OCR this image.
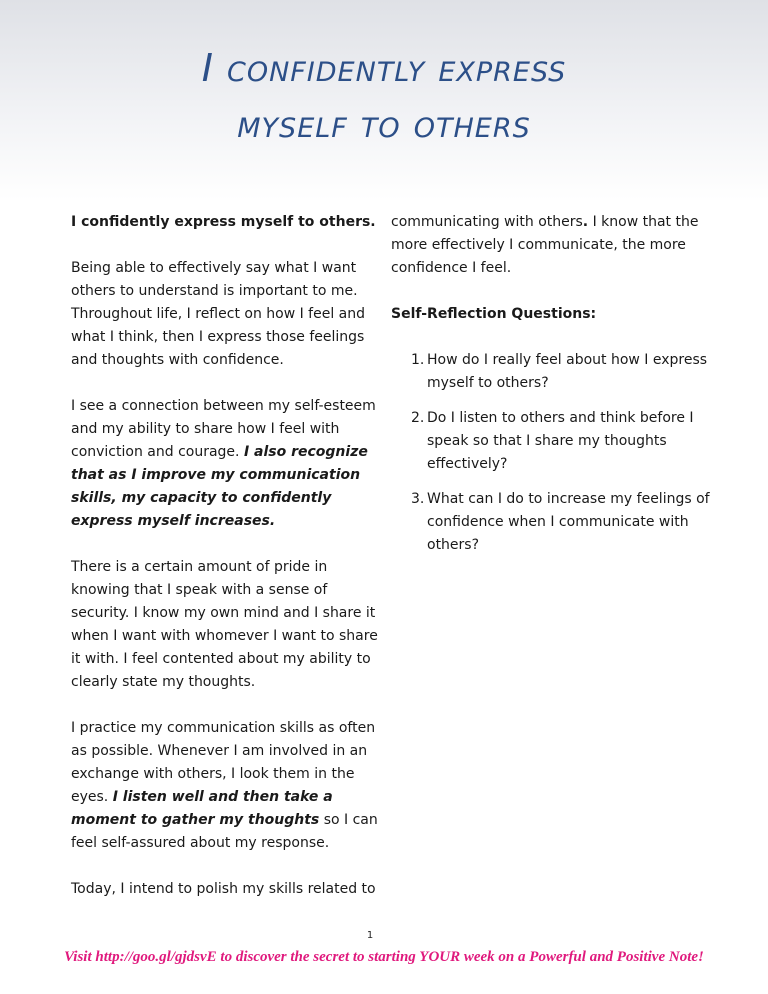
I confidently express
myself to others

I confidently express myself to others.

Being able to effectively say what I want others to understand is important to me. Throughout life, I reflect on how I feel and what I think, then I express those feelings and thoughts with confidence.

I see a connection between my self-esteem and my ability to share how I feel with conviction and courage. I also recognize that as I improve my communication skills, my capacity to confidently express myself increases.

There is a certain amount of pride in knowing that I speak with a sense of security. I know my own mind and I share it when I want with whomever I want to share it with. I feel contented about my ability to clearly state my thoughts.

I practice my communication skills as often as possible. Whenever I am involved in an exchange with others, I look them in the eyes. I listen well and then take a moment to gather my thoughts so I can feel self-assured about my response.

Today, I intend to polish my skills related to

communicating with others. I know that the more effectively I communicate, the more confidence I feel.

Self-Reflection Questions:

1. How do I really feel about how I express myself to others?
2. Do I listen to others and think before I speak so that I share my thoughts effectively?
3. What can I do to increase my feelings of confidence when I communicate with others?
1
Visit http://goo.gl/gjdsvE to discover the secret to starting YOUR week on a Powerful and Positive Note!
